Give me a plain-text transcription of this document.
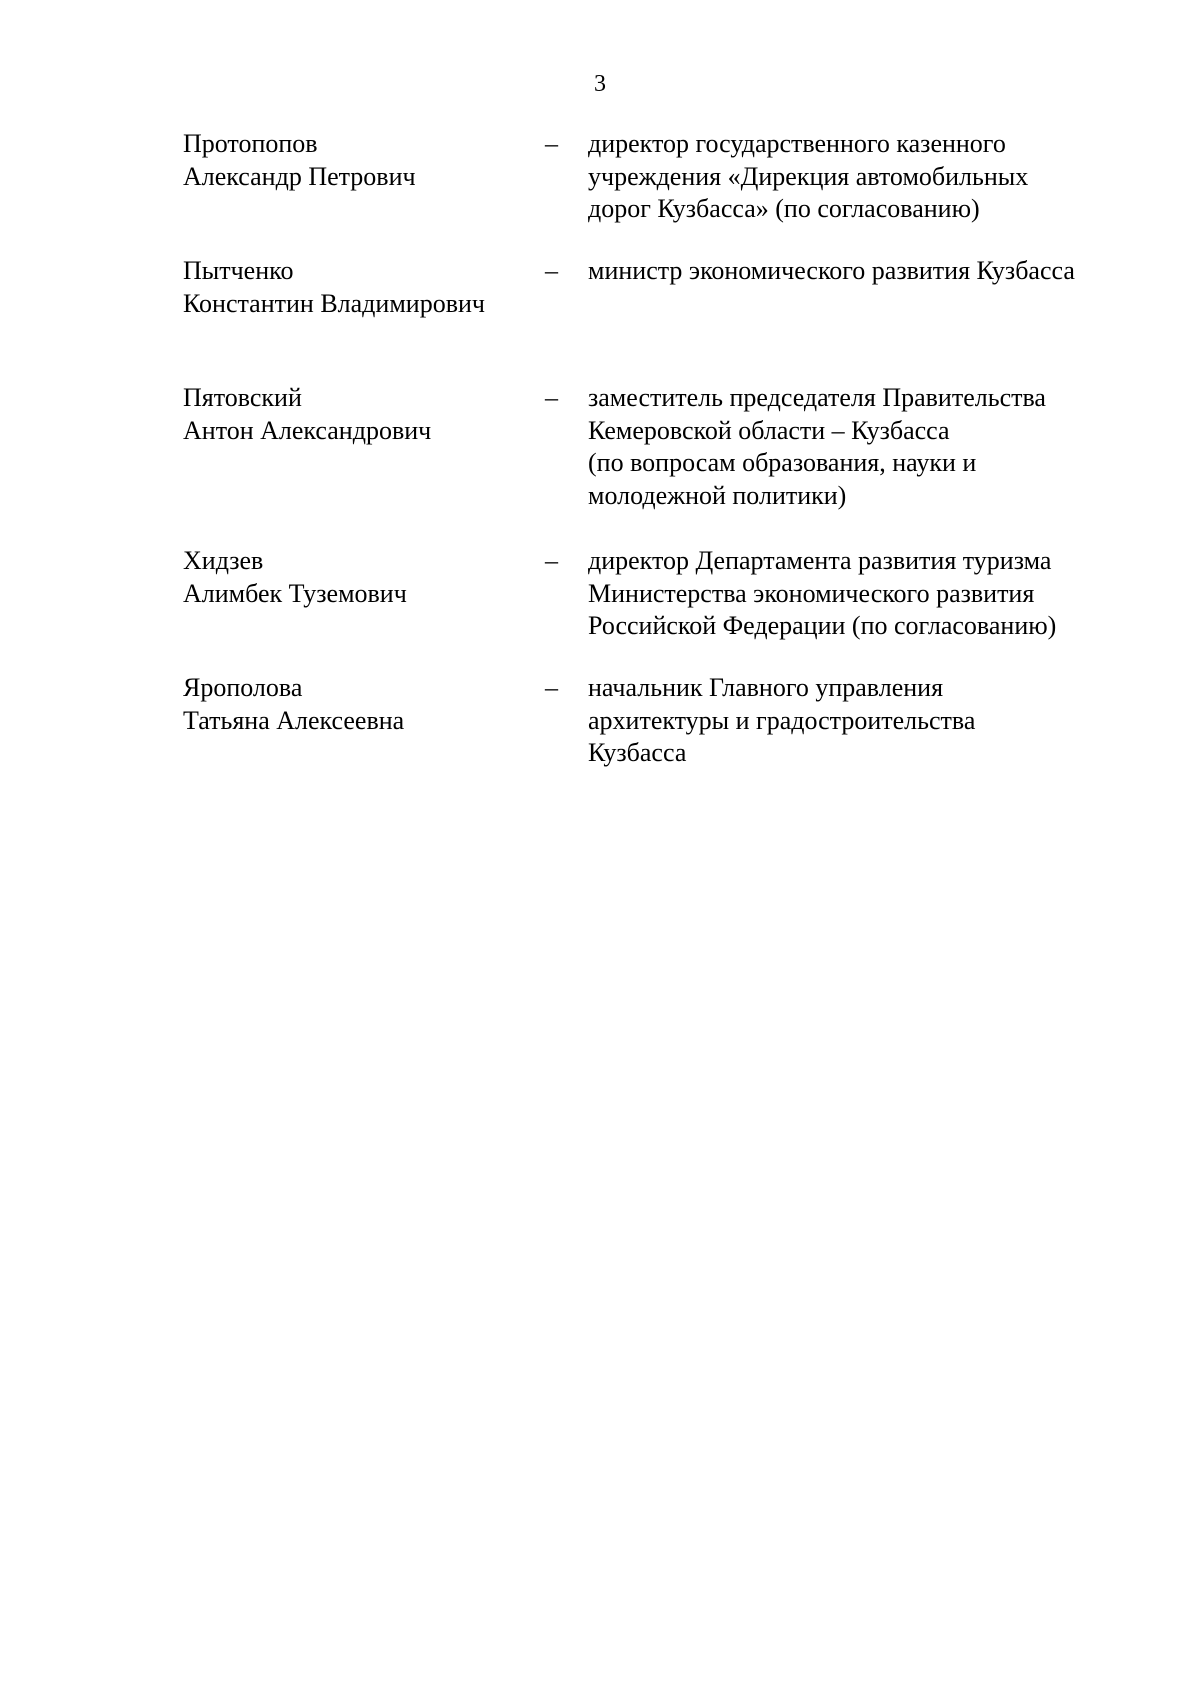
3
Протопопов
Александр Петрович
– директор государственного казенного
учреждения «Дирекция автомобильных
дорог Кузбасса» (по согласованию)
Пытченко
Константин Владимирович
– министр экономического развития Кузбасса
Пятовский
Антон Александрович
– заместитель председателя Правительства
Кемеровской области – Кузбасса
(по вопросам образования, науки и
молодежной политики)
Хидзев
Алимбек Туземович
– директор Департамента развития туризма
Министерства экономического развития
Российской Федерации (по согласованию)
Ярополова
Татьяна Алексеевна
– начальник Главного управления
архитектуры и градостроительства
Кузбасса
